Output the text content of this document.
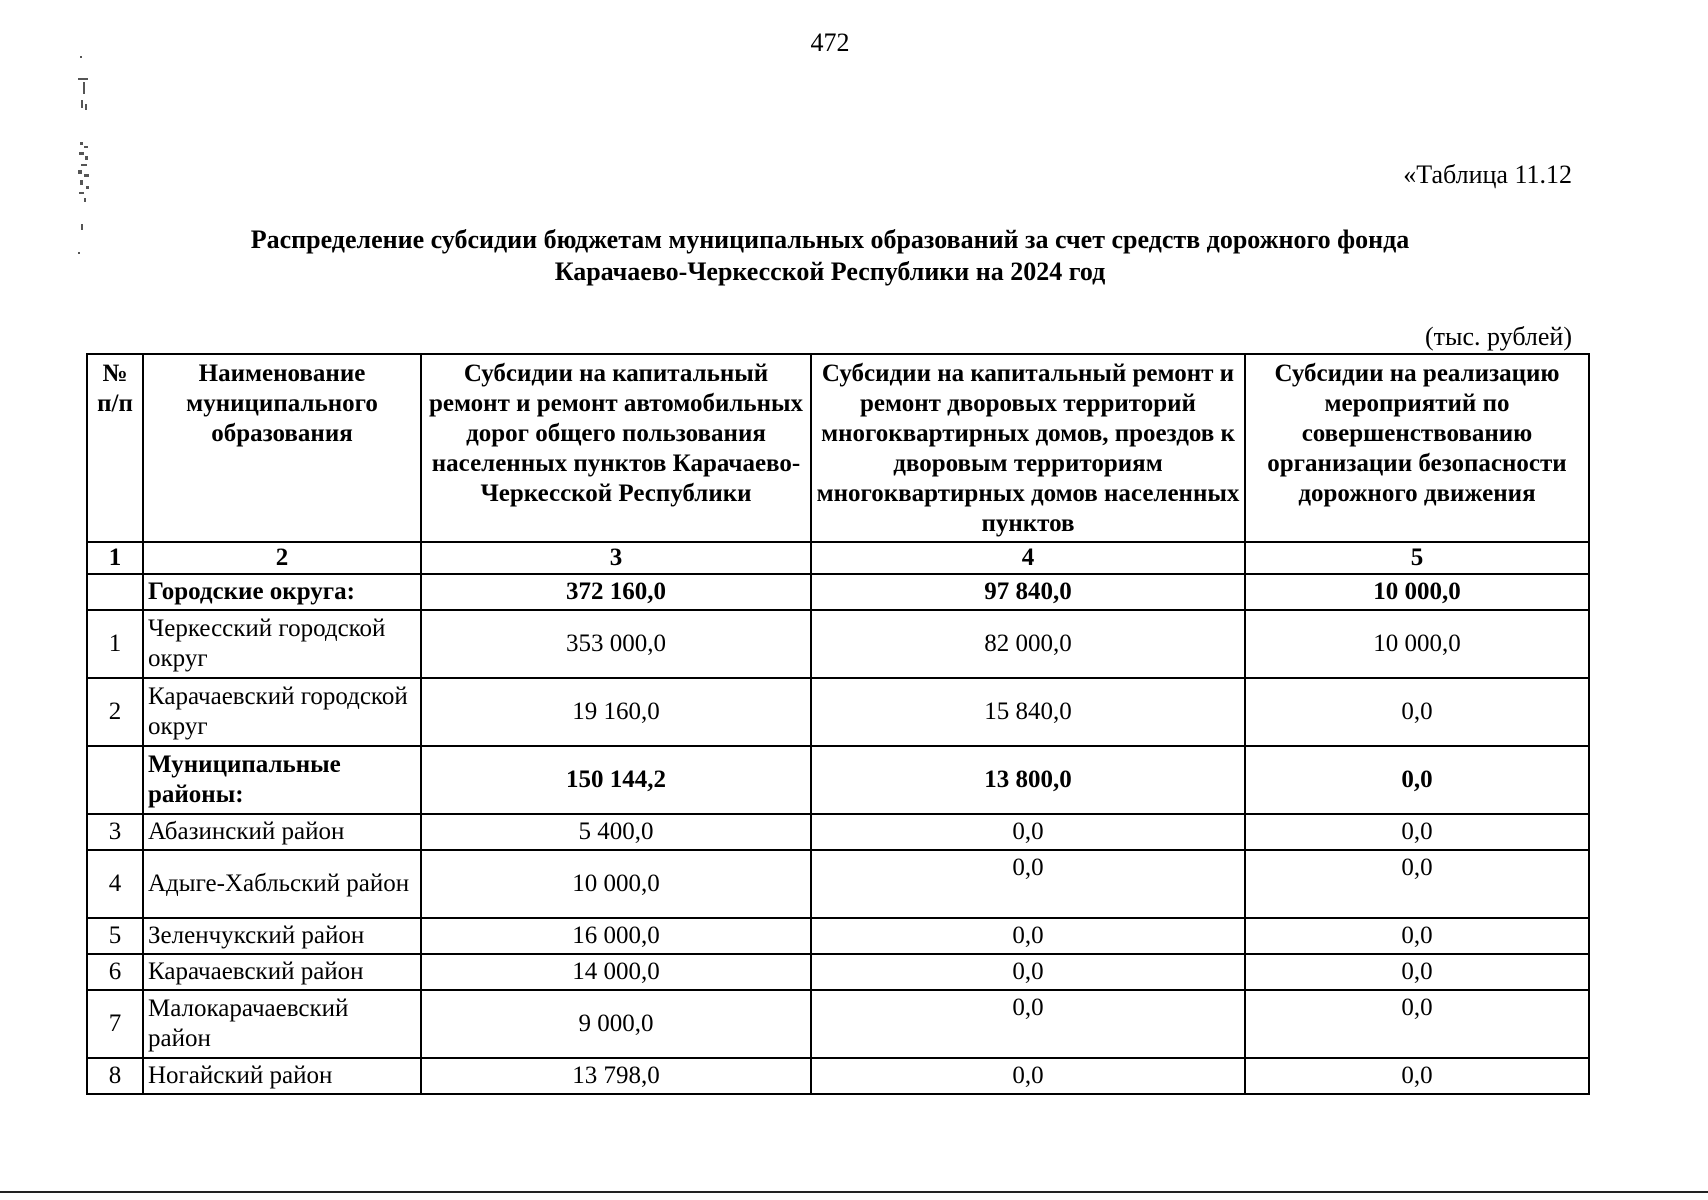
472
«Таблица 11.12
Распределение субсидии бюджетам муниципальных образований за счет средств дорожного фонда
Карачаево-Черкесской Республики на 2024 год
(тыс. рублей)
№ п/п	Наименование муниципального образования	Субсидии на капитальный ремонт и ремонт автомобильных дорог общего пользования населенных пунктов Карачаево-Черкесской Республики	Субсидии на капитальный ремонт и ремонт дворовых территорий многоквартирных домов, проездов к дворовым территориям многоквартирных домов населенных пунктов	Субсидии на реализацию мероприятий по совершенствованию организации безопасности дорожного движения
1	2	3	4	5
	Городские округа:	372 160,0	97 840,0	10 000,0
1	Черкесский городской округ	353 000,0	82 000,0	10 000,0
2	Карачаевский городской округ	19 160,0	15 840,0	0,0
	Муниципальные районы:	150 144,2	13 800,0	0,0
3	Абазинский район	5 400,0	0,0	0,0
4	Адыге-Хабльский район	10 000,0	0,0	0,0
5	Зеленчукский район	16 000,0	0,0	0,0
6	Карачаевский район	14 000,0	0,0	0,0
7	Малокарачаевский район	9 000,0	0,0	0,0
8	Ногайский район	13 798,0	0,0	0,0
